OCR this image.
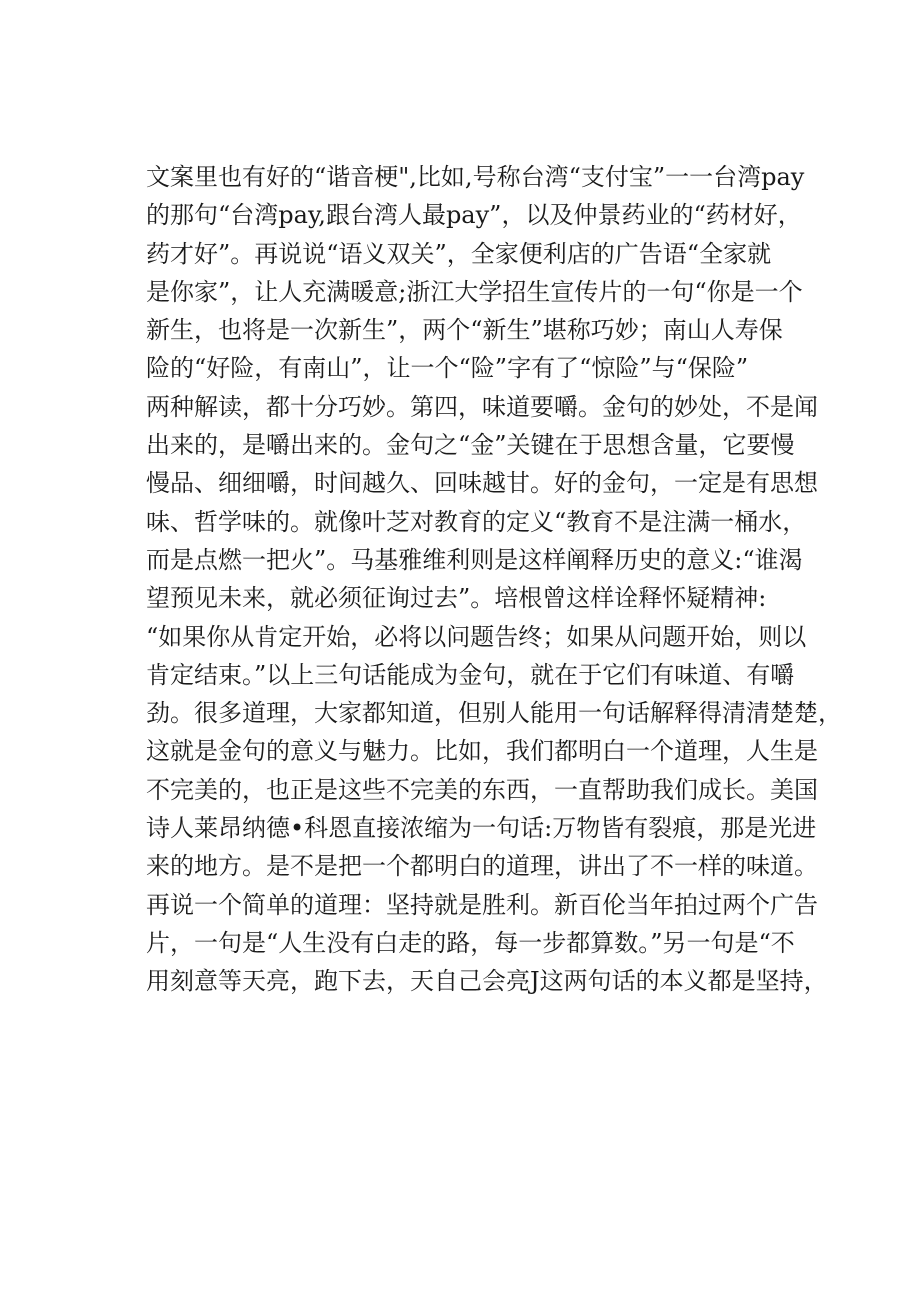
文案里也有好的“谐音梗",比如,号称台湾“支付宝”一一台湾pay
的那句“台湾pay,跟台湾人最pay”，以及仲景药业的“药材好，
药才好”。再说说“语义双关”，全家便利店的广告语“全家就
是你家”，让人充满暖意;浙江大学招生宣传片的一句“你是一个
新生，也将是一次新生”，两个“新生”堪称巧妙；南山人寿保
险的“好险，有南山”，让一个“险”字有了“惊险”与“保险”
两种解读，都十分巧妙。第四，味道要嚼。金句的妙处，不是闻
出来的，是嚼出来的。金句之“金”关键在于思想含量，它要慢
慢品、细细嚼，时间越久、回味越甘。好的金句，一定是有思想
味、哲学味的。就像叶芝对教育的定义“教育不是注满一桶水，
而是点燃一把火”。马基雅维利则是这样阐释历史的意义:“谁渴
望预见未来，就必须征询过去”。培根曾这样诠释怀疑精神:
“如果你从肯定开始，必将以问题告终；如果从问题开始，则以
肯定结束。”以上三句话能成为金句，就在于它们有味道、有嚼
劲。很多道理，大家都知道，但别人能用一句话解释得清清楚楚，
这就是金句的意义与魅力。比如，我们都明白一个道理，人生是
不完美的，也正是这些不完美的东西，一直帮助我们成长。美国
诗人莱昂纳德•科恩直接浓缩为一句话:万物皆有裂痕，那是光进
来的地方。是不是把一个都明白的道理，讲出了不一样的味道。
再说一个简单的道理：坚持就是胜利。新百伦当年拍过两个广告
片，一句是“人生没有白走的路，每一步都算数。”另一句是“不
用刻意等天亮，跑下去，天自己会亮J这两句话的本义都是坚持，
